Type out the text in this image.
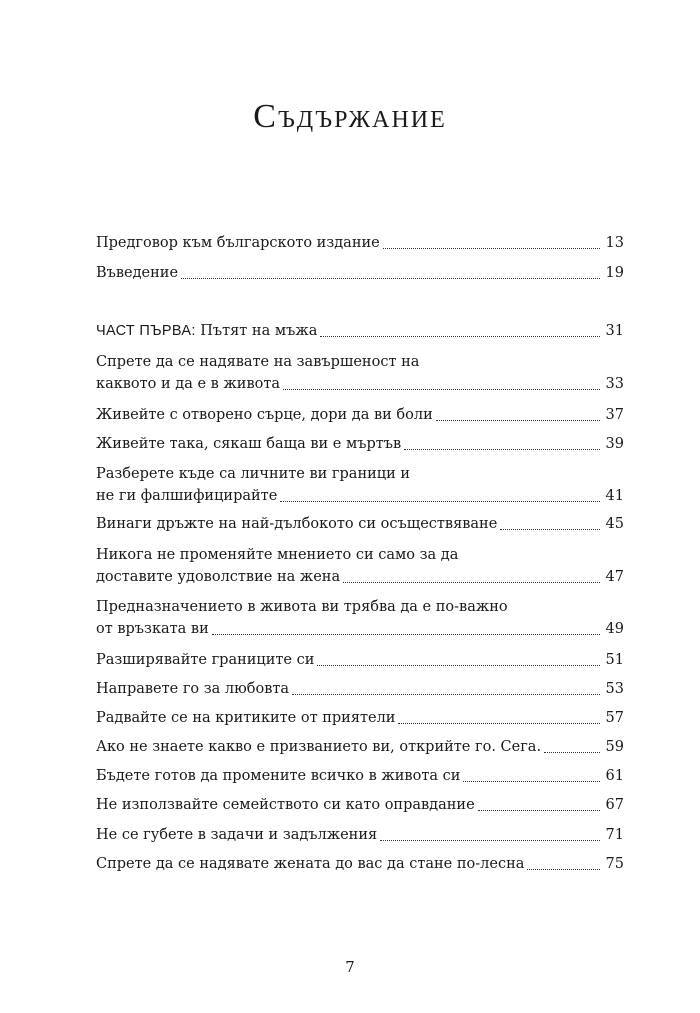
Съдържание
Предговор към българското издание	13
Въведение	19
ЧАСТ ПЪРВА: Пътят на мъжа	31
Спрете да се надявате на завършеност на
каквото и да е в живота	33
Живейте с отворено сърце, дори да ви боли	37
Живейте така, сякаш баща ви е мъртъв	39
Разберете къде са личните ви граници и
не ги фалшифицирайте	41
Винаги дръжте на най-дълбокото си осъществяване	45
Никога не променяйте мнението си само за да
доставите удоволствие на жена	47
Предназначението в живота ви трябва да е по-важно
от връзката ви	49
Разширявайте границите си	51
Направете го за любовта	53
Радвайте се на критиките от приятели	57
Ако не знаете какво е призванието ви, открийте го. Сега.	59
Бъдете готов да промените всичко в живота си	61
Не използвайте семейството си като оправдание	67
Не се губете в задачи и задължения	71
Спрете да се надявате жената до вас да стане по-лесна	75
7
